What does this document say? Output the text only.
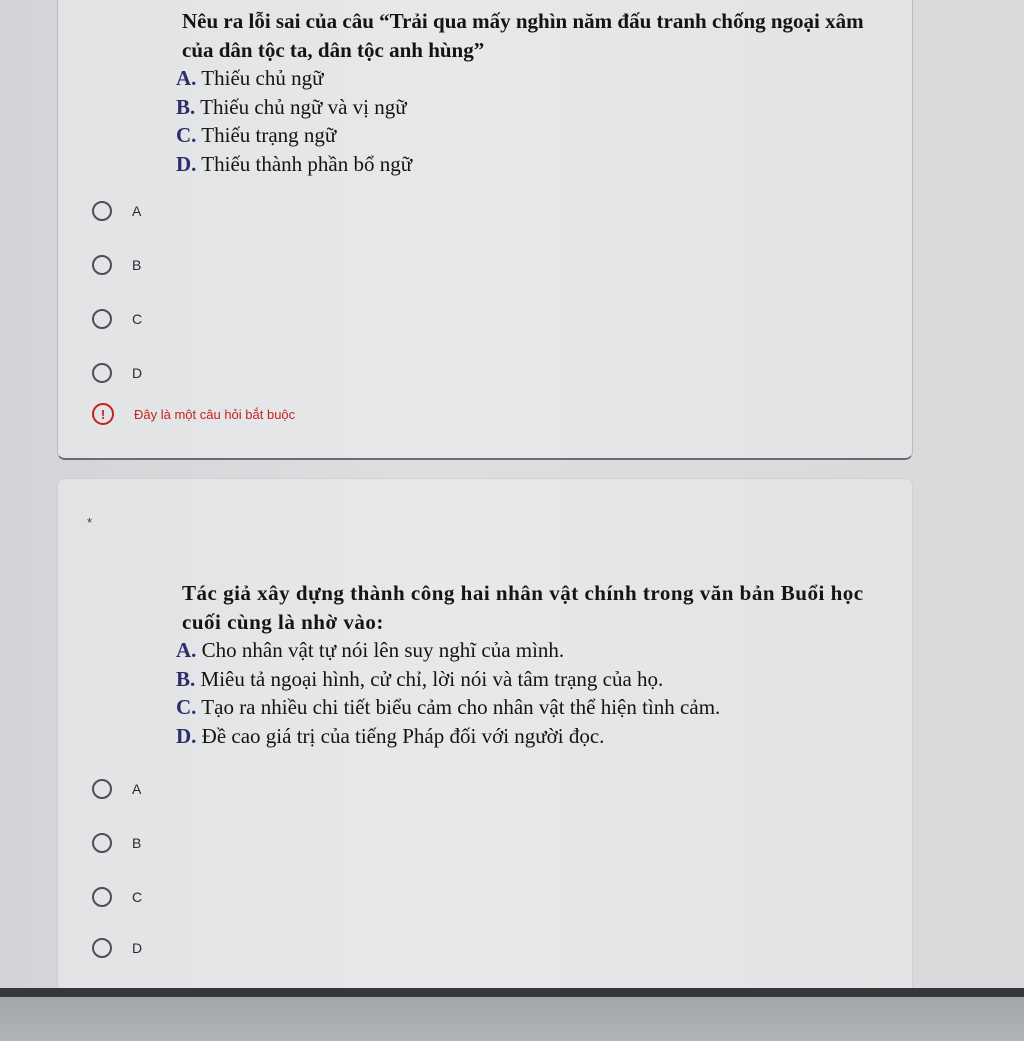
Nêu ra lỗi sai của câu “Trải qua mấy nghìn năm đấu tranh chống ngoại xâm của dân tộc ta, dân tộc anh hùng”

A. Thiếu chủ ngữ

B. Thiếu chủ ngữ và vị ngữ

C. Thiếu trạng ngữ

D. Thiếu thành phần bổ ngữ

A
B
C
D
!	Đây là một câu hỏi bắt buộc
*

Tác giả xây dựng thành công hai nhân vật chính trong văn bản Buổi học cuối cùng là nhờ vào:

A. Cho nhân vật tự nói lên suy nghĩ của mình.

B. Miêu tả ngoại hình, cử chỉ, lời nói và tâm trạng của họ.

C. Tạo ra nhiều chi tiết biểu cảm cho nhân vật thể hiện tình cảm.

D. Đề cao giá trị của tiếng Pháp đối với người đọc.

A
B
C
D
